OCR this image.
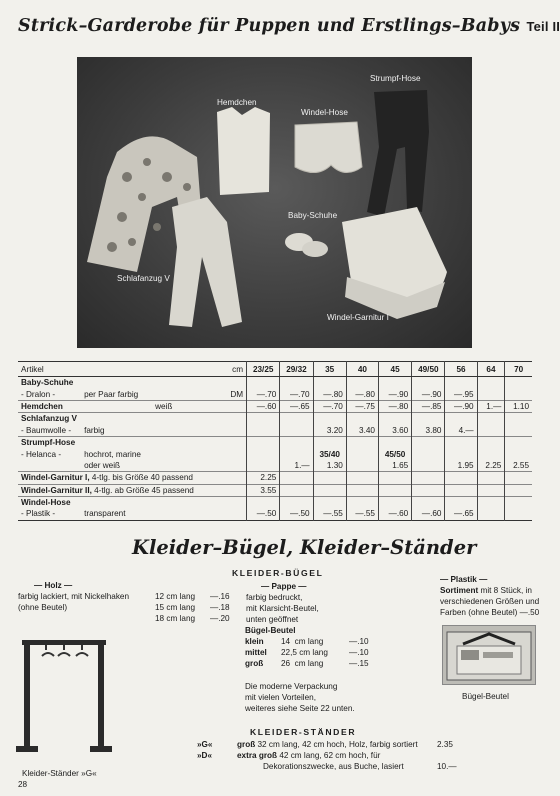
Strick–Garderobe für Puppen und Erstlings–Babys Teil II
Hemdchen
Windel-Hose
Strumpf-Hose
Baby-Schuhe
Schlafanzug V
Windel-Garnitur I
Artikel			cm	23/25	29/32	35	40	45	49/50	56	64	70
Baby-Schuhe												
- Dralon -	per Paar farbig		DM	—.70	—.70	—.80	—.80	—.90	—.90	—.95		
Hemdchen		weiß		—.60	—.65	—.70	—.75	—.80	—.85	—.90	1.—	1.10
Schlafanzug V												
- Baumwolle -	farbig					3.20	3.40	3.60	3.80	4.—		
Strumpf-Hose												
- Helanca -	hochrot, marine					35/40		45/50				
	oder weiß				1.—	1.30		1.65		1.95	2.25	2.55
Windel-Garnitur I, 4-tlg. bis Größe 40 passend				2.25								
Windel-Garnitur II, 4-tlg. ab Größe 45 passend				3.55								
Windel-Hose												
- Plastik -	transparent			—.50	—.50	—.55	—.55	—.60	—.60	—.65		
Kleider–Bügel, Kleider–Ständer
KLEIDER-BÜGEL
— Holz —
farbig lackiert, mit Nickelhaken	12 cm lang	—.16
(ohne Beutel)	15 cm lang	—.18
18 cm lang	—.20
— Pappe —
farbig bedruckt,
mit Klarsicht-Beutel,
unten geöffnet
Bügel-Beutel
klein	14  cm lang	—.10
mittel	22,5 cm lang	—.10
groß	26  cm lang	—.15
Die moderne Verpackung
mit vielen Vorteilen,
weiteres siehe Seite 22 unten.
— Plastik —
Sortiment mit 8 Stück, in
verschiedenen Größen und
Farben (ohne Beutel) —.50
Bügel-Beutel
Kleider-Ständer »G«
KLEIDER-STÄNDER
»G«	groß 32 cm lang, 42 cm hoch, Holz, farbig sortiert	2.35
»D«	extra groß 42 cm lang, 62 cm hoch, für
Dekorationszwecke, aus Buche, lasiert	10.—
28
